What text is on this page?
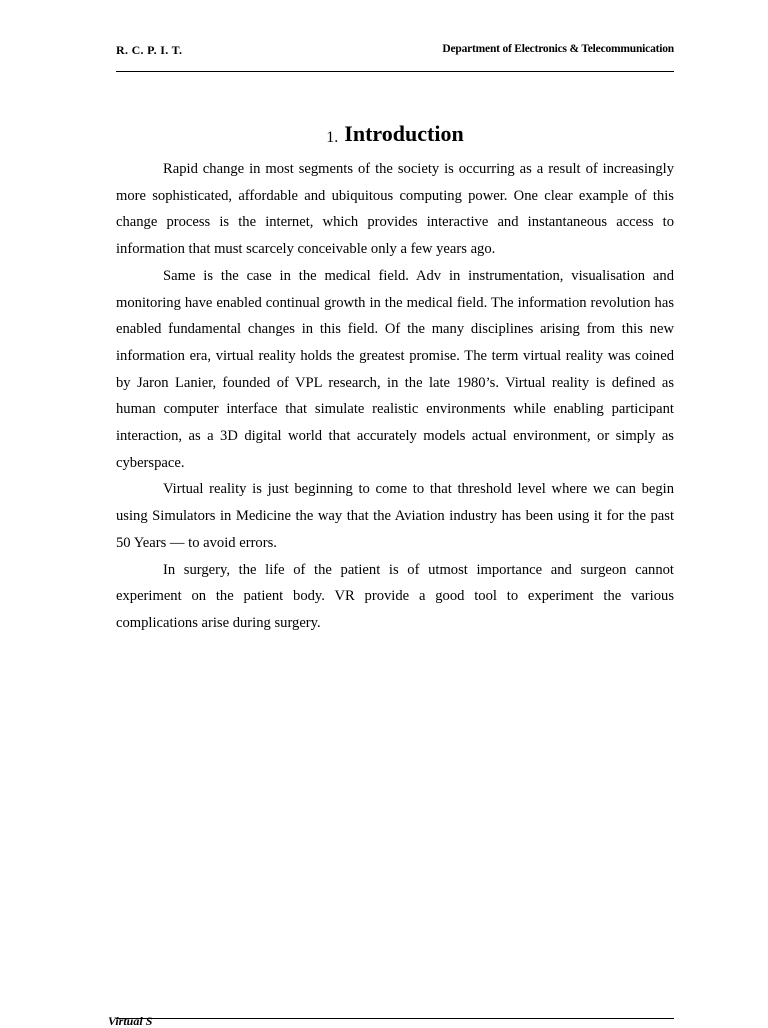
R. C. P. I. T.	Department of Electronics & Telecommunication
1. Introduction

Rapid change in most segments of the society is occurring as a result of increasingly more sophisticated, affordable and ubiquitous computing power. One clear example of this change process is the internet, which provides interactive and instantaneous access to information that must scarcely conceivable only a few years ago.

Same is the case in the medical field. Adv in instrumentation, visualisation and monitoring have enabled continual growth in the medical field. The information revolution has enabled fundamental changes in this field. Of the many disciplines arising from this new information era, virtual reality holds the greatest promise. The term virtual reality was coined by Jaron Lanier, founded of VPL research, in the late 1980’s. Virtual reality is defined as human computer interface that simulate realistic environments while enabling participant interaction, as a 3D digital world that accurately models actual environment, or simply as cyberspace.

Virtual reality is just beginning to come to that threshold level where we can begin using Simulators in Medicine the way that the Aviation industry has been using it for the past 50 Years — to avoid errors.

In surgery, the life of the patient is of utmost importance and surgeon cannot experiment on the patient body. VR provide a good tool to experiment the various complications arise during surgery.

Virtual S
